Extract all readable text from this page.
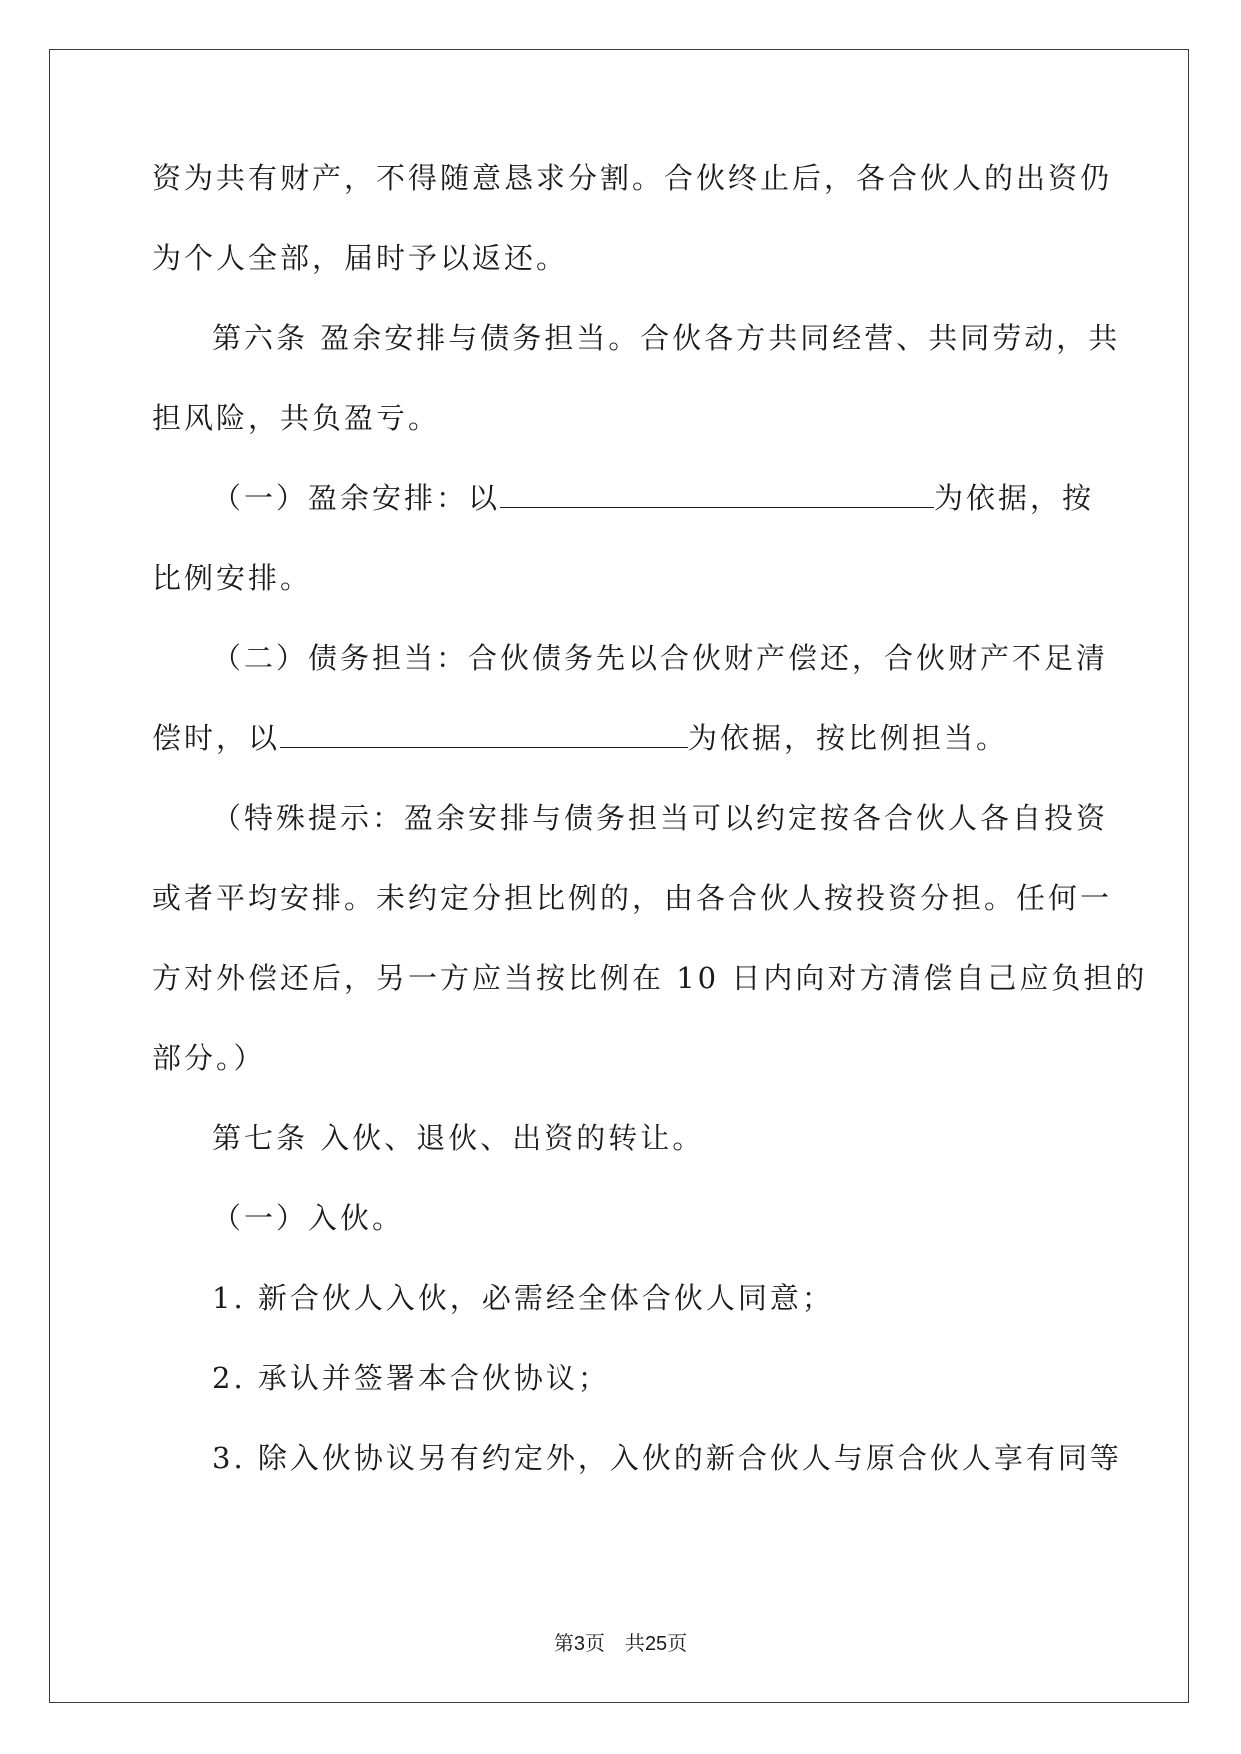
资为共有财产，不得随意恳求分割。合伙终止后，各合伙人的出资仍
为个人全部，届时予以返还。
第六条 盈余安排与债务担当。合伙各方共同经营、共同劳动，共
担风险，共负盈亏。
（一）盈余安排：以	为依据，按
比例安排。
（二）债务担当：合伙债务先以合伙财产偿还，合伙财产不足清
偿时，以	为依据，按比例担当。
（特殊提示：盈余安排与债务担当可以约定按各合伙人各自投资
或者平均安排。未约定分担比例的，由各合伙人按投资分担。任何一
方对外偿还后，另一方应当按比例在 10 日内向对方清偿自己应负担的
部分。）
第七条 入伙、退伙、出资的转让。
（一）入伙。
1. 新合伙人入伙，必需经全体合伙人同意；
2. 承认并签署本合伙协议；
3. 除入伙协议另有约定外，入伙的新合伙人与原合伙人享有同等
第3页    共25页
